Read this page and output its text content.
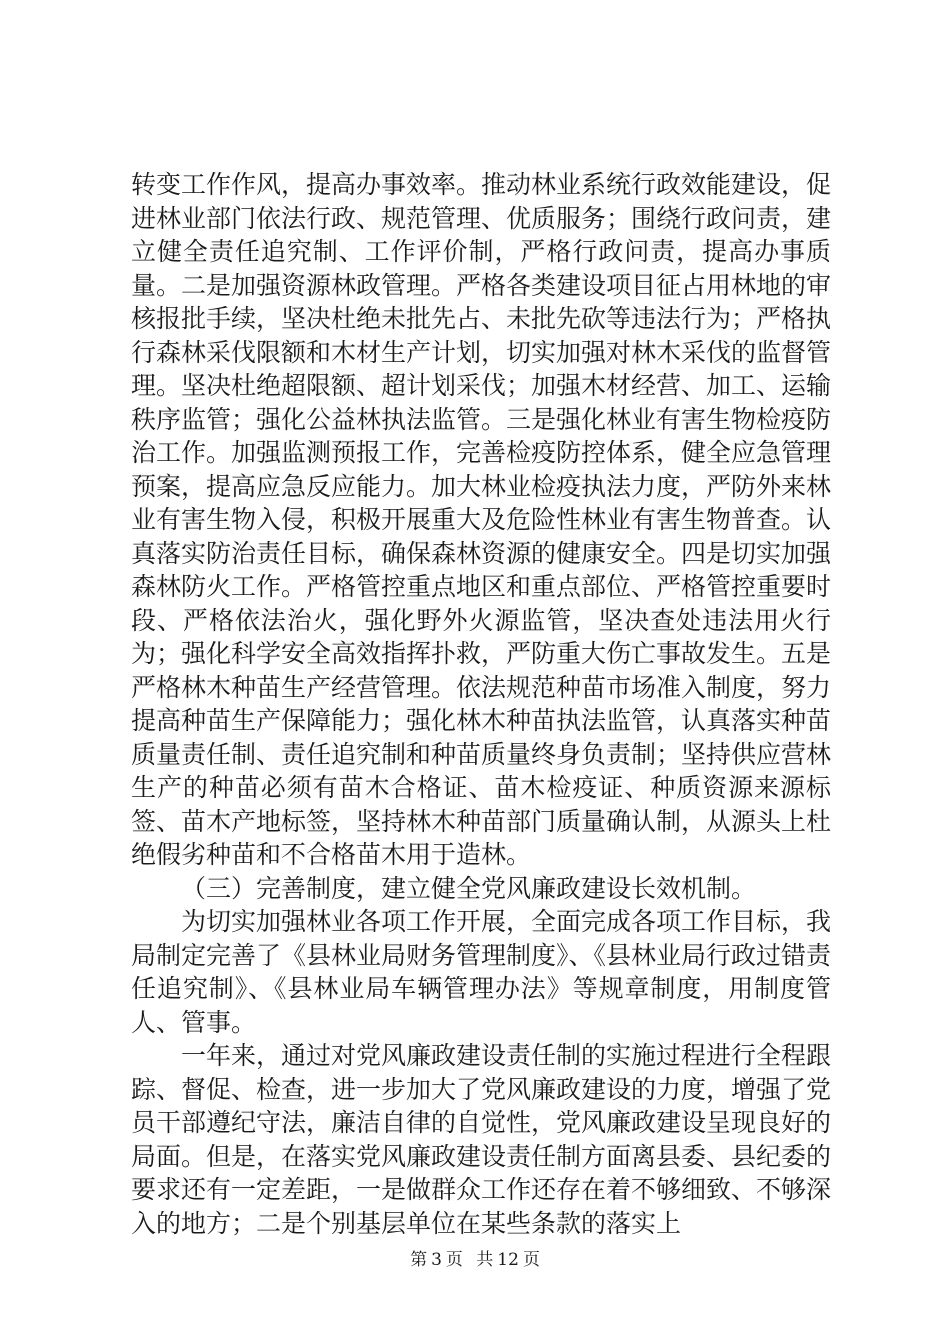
转变工作作风，提高办事效率。推动林业系统行政效能建设，促进林业部门依法行政、规范管理、优质服务；围绕行政问责，建立健全责任追究制、工作评价制，严格行政问责，提高办事质量。二是加强资源林政管理。严格各类建设项目征占用林地的审核报批手续，坚决杜绝未批先占、未批先砍等违法行为；严格执行森林采伐限额和木材生产计划，切实加强对林木采伐的监督管理。坚决杜绝超限额、超计划采伐；加强木材经营、加工、运输秩序监管；强化公益林执法监管。三是强化林业有害生物检疫防治工作。加强监测预报工作，完善检疫防控体系，健全应急管理预案，提高应急反应能力。加大林业检疫执法力度，严防外来林业有害生物入侵，积极开展重大及危险性林业有害生物普查。认真落实防治责任目标，确保森林资源的健康安全。四是切实加强森林防火工作。严格管控重点地区和重点部位、严格管控重要时段、严格依法治火，强化野外火源监管，坚决查处违法用火行为；强化科学安全高效指挥扑救，严防重大伤亡事故发生。五是严格林木种苗生产经营管理。依法规范种苗市场准入制度，努力提高种苗生产保障能力；强化林木种苗执法监管，认真落实种苗质量责任制、责任追究制和种苗质量终身负责制；坚持供应营林生产的种苗必须有苗木合格证、苗木检疫证、种质资源来源标签、苗木产地标签，坚持林木种苗部门质量确认制，从源头上杜绝假劣种苗和不合格苗木用于造林。

（三）完善制度，建立健全党风廉政建设长效机制。

为切实加强林业各项工作开展，全面完成各项工作目标，我局制定完善了《县林业局财务管理制度》、《县林业局行政过错责任追究制》、《县林业局车辆管理办法》等规章制度，用制度管人、管事。

一年来，通过对党风廉政建设责任制的实施过程进行全程跟踪、督促、检查，进一步加大了党风廉政建设的力度，增强了党员干部遵纪守法，廉洁自律的自觉性，党风廉政建设呈现良好的局面。但是，在落实党风廉政建设责任制方面离县委、县纪委的要求还有一定差距，一是做群众工作还存在着不够细致、不够深入的地方；二是个别基层单位在某些条款的落实上

第 3 页 共 12 页
